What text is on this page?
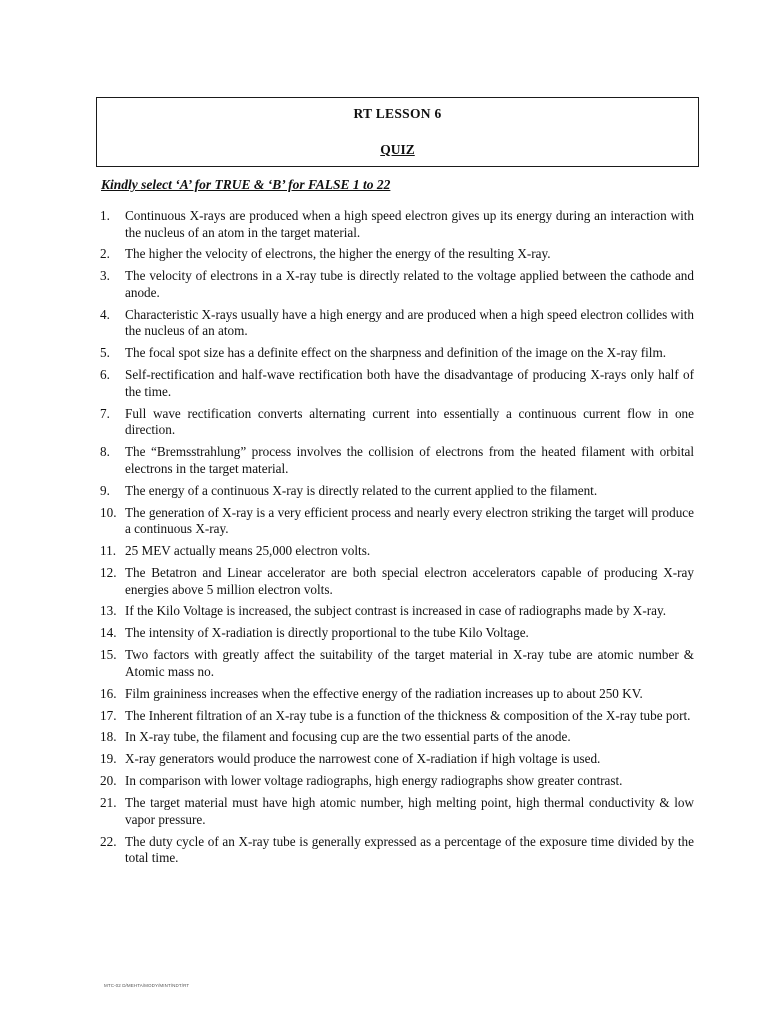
RT LESSON 6
QUIZ
Kindly select ‘A’ for TRUE & ‘B’ for FALSE 1 to 22
1. Continuous X-rays are produced when a high speed electron gives up its energy during an interaction with the nucleus of an atom in the target material.
2. The higher the velocity of electrons, the higher the energy of the resulting X-ray.
3. The velocity of electrons in a X-ray tube is directly related to the voltage applied between the cathode and anode.
4. Characteristic X-rays usually have a high energy and are produced when a high speed electron collides with the nucleus of an atom.
5. The focal spot size has a definite effect on the sharpness and definition of the image on the X-ray film.
6. Self-rectification and half-wave rectification both have the disadvantage of producing X-rays only half of the time.
7. Full wave rectification converts alternating current into essentially a continuous current flow in one direction.
8. The “Bremsstrahlung” process involves the collision of electrons from the heated filament with orbital electrons in the target material.
9. The energy of a continuous X-ray is directly related to the current applied to the filament.
10. The generation of X-ray is a very efficient process and nearly every electron striking the target will produce a continuous X-ray.
11. 25 MEV actually means 25,000 electron volts.
12. The Betatron and Linear accelerator are both special electron accelerators capable of producing X-ray energies above 5 million electron volts.
13. If the Kilo Voltage is increased, the subject contrast is increased in case of radiographs made by X-ray.
14. The intensity of X-radiation is directly proportional to the tube Kilo Voltage.
15. Two factors with greatly affect the suitability of the target material in X-ray tube are atomic number & Atomic mass no.
16. Film graininess increases when the effective energy of the radiation increases up to about 250 KV.
17. The Inherent filtration of an X-ray tube is a function of the thickness & composition of the X-ray tube port.
18. In X-ray tube, the filament and focusing cup are the two essential parts of the anode.
19. X-ray generators would produce the narrowest cone of X-radiation if high voltage is used.
20. In comparison with lower voltage radiographs, high energy radiographs show greater contrast.
21. The target material must have high atomic number, high melting point, high thermal conductivity & low vapor pressure.
22. The duty cycle of an X-ray tube is generally expressed as a percentage of the exposure time divided by the total time.
MTC-02 D/MEHTA/MODY/MINT/NDT/RT
